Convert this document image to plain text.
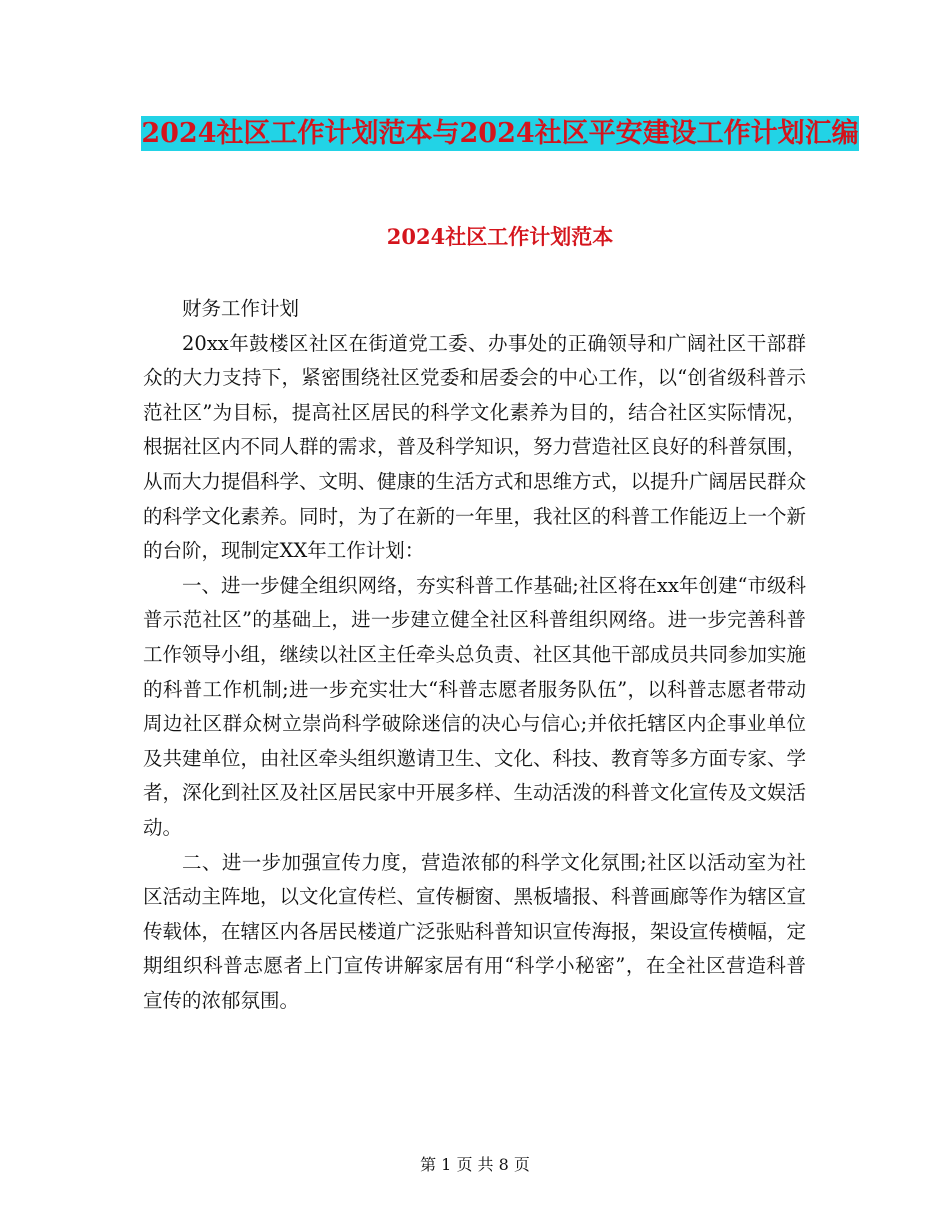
2024社区工作计划范本与2024社区平安建设工作计划汇编
2024社区工作计划范本

财务工作计划

20xx年鼓楼区社区在街道党工委、办事处的正确领导和广阔社区干部群众的大力支持下，紧密围绕社区党委和居委会的中心工作，以“创省级科普示范社区”为目标，提高社区居民的科学文化素养为目的，结合社区实际情况，根据社区内不同人群的需求，普及科学知识，努力营造社区良好的科普氛围，从而大力提倡科学、文明、健康的生活方式和思维方式，以提升广阔居民群众的科学文化素养。同时，为了在新的一年里，我社区的科普工作能迈上一个新的台阶，现制定XX年工作计划：

一、进一步健全组织网络，夯实科普工作基础;社区将在xx年创建“市级科普示范社区”的基础上，进一步建立健全社区科普组织网络。进一步完善科普工作领导小组，继续以社区主任牵头总负责、社区其他干部成员共同参加实施的科普工作机制;进一步充实壮大“科普志愿者服务队伍”，以科普志愿者带动周边社区群众树立崇尚科学破除迷信的决心与信心;并依托辖区内企事业单位及共建单位，由社区牵头组织邀请卫生、文化、科技、教育等多方面专家、学者，深化到社区及社区居民家中开展多样、生动活泼的科普文化宣传及文娱活动。

二、进一步加强宣传力度，营造浓郁的科学文化氛围;社区以活动室为社区活动主阵地，以文化宣传栏、宣传橱窗、黑板墙报、科普画廊等作为辖区宣传载体，在辖区内各居民楼道广泛张贴科普知识宣传海报，架设宣传横幅，定期组织科普志愿者上门宣传讲解家居有用“科学小秘密”，在全社区营造科普宣传的浓郁氛围。

第 1 页 共 8 页
